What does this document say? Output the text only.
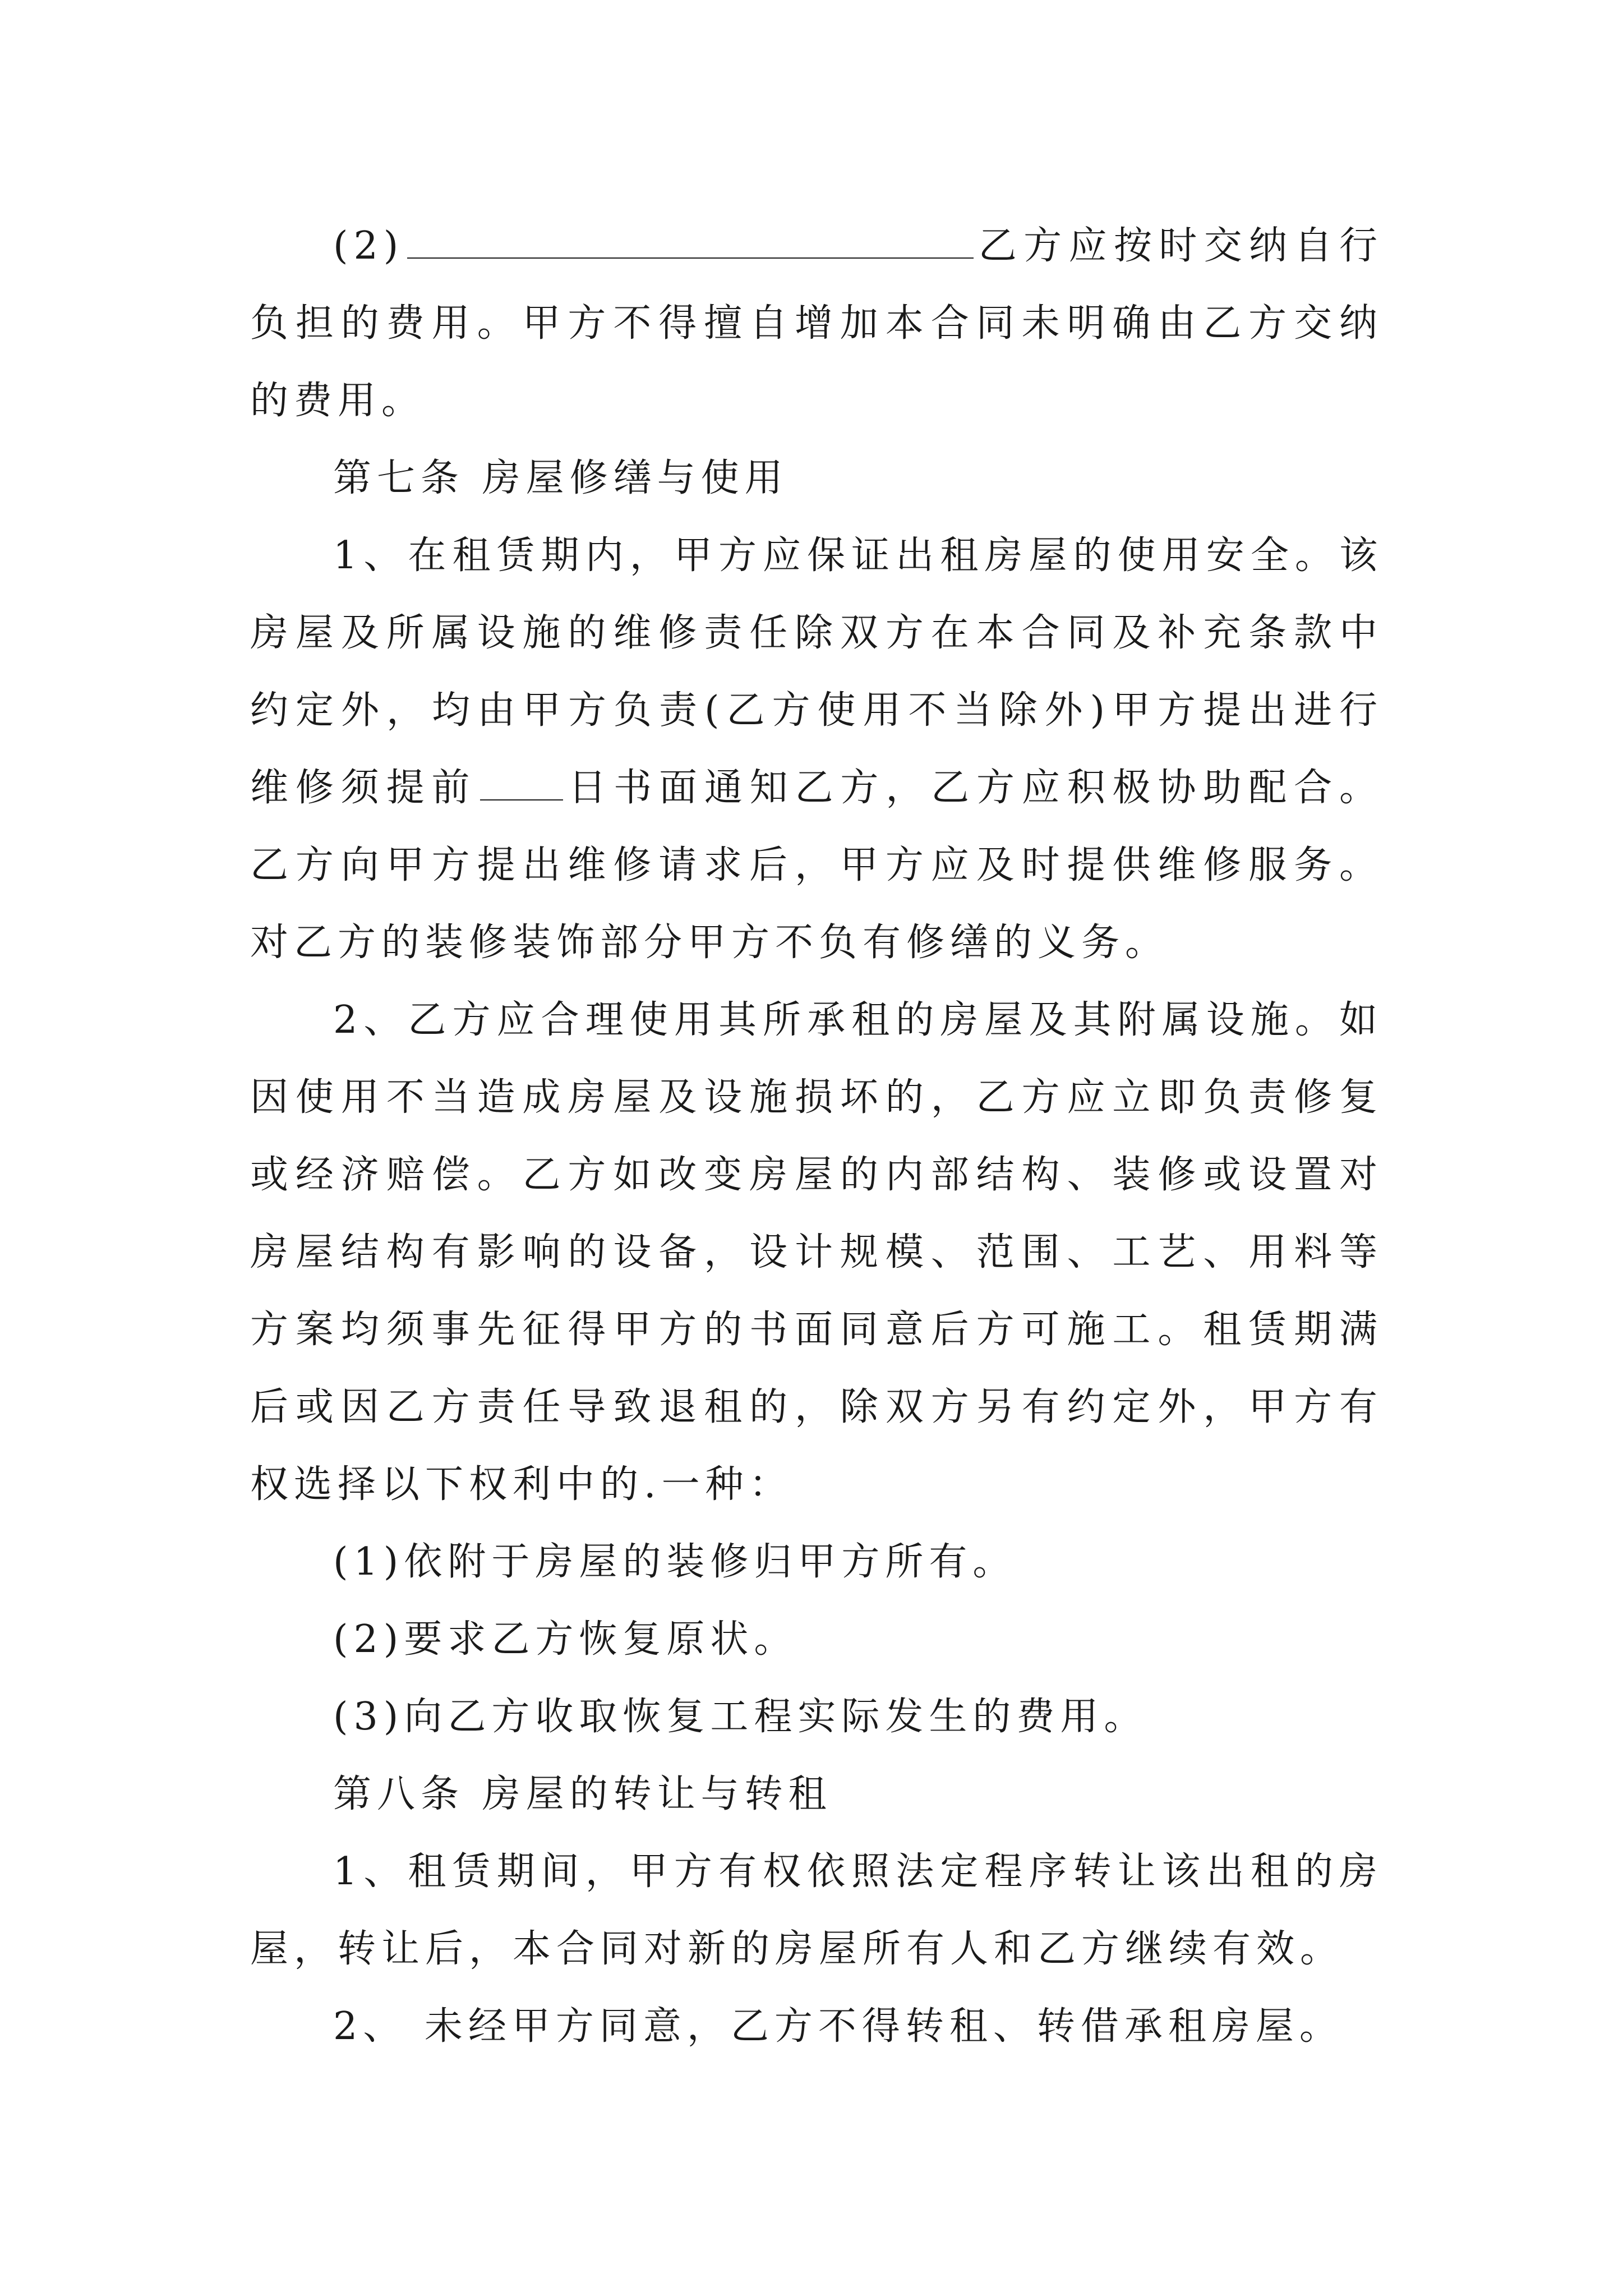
(2)	乙方应按时交纳自行负担的费用。甲方不得擅自增加本合同未明确由乙方交纳的费用。

第七条 房屋修缮与使用

1、在租赁期内，甲方应保证出租房屋的使用安全。该房屋及所属设施的维修责任除双方在本合同及补充条款中约定外，均由甲方负责(乙方使用不当除外)甲方提出进行维修须提前 日书面通知乙方，乙方应积极协助配合。乙方向甲方提出维修请求后，甲方应及时提供维修服务。对乙方的装修装饰部分甲方不负有修缮的义务。

2、乙方应合理使用其所承租的房屋及其附属设施。如因使用不当造成房屋及设施损坏的，乙方应立即负责修复或经济赔偿。乙方如改变房屋的内部结构、装修或设置对房屋结构有影响的设备，设计规模、范围、工艺、用料等方案均须事先征得甲方的书面同意后方可施工。租赁期满后或因乙方责任导致退租的，除双方另有约定外，甲方有权选择以下权利中的.一种：

(1)依附于房屋的装修归甲方所有。

(2)要求乙方恢复原状。

(3)向乙方收取恢复工程实际发生的费用。

第八条 房屋的转让与转租

1、租赁期间，甲方有权依照法定程序转让该出租的房屋，转让后，本合同对新的房屋所有人和乙方继续有效。

2、 未经甲方同意，乙方不得转租、转借承租房屋。
